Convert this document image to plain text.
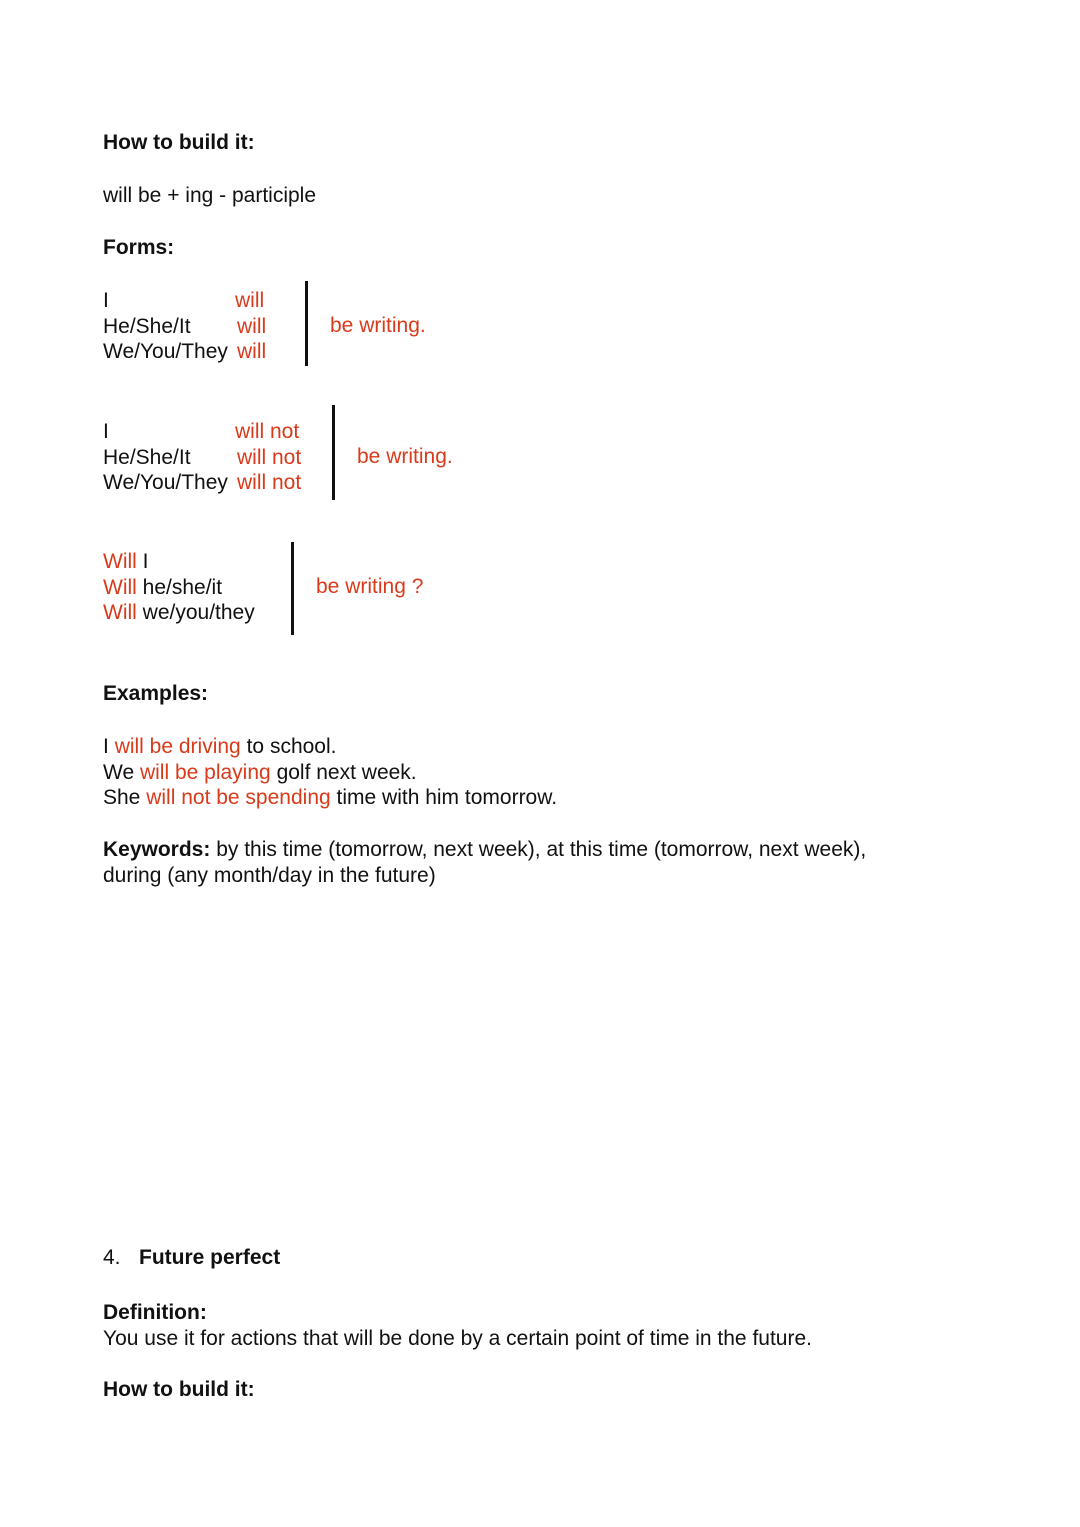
How to build it:
will be + ing - participle
Forms:
I
He/She/It
We/You/They
will
will
will
be writing.
I
He/She/It
We/You/They
will not
will not
will not
be writing.
Will I
Will he/she/it
Will we/you/they
be writing ?
Examples:
I will be driving to school.
We will be playing golf next week.
She will not be spending time with him tomorrow.
Keywords: by this time (tomorrow, next week), at this time (tomorrow, next week),
during (any month/day in the future)
4. Future perfect
Definition:
You use it for actions that will be done by a certain point of time in the future.
How to build it:
